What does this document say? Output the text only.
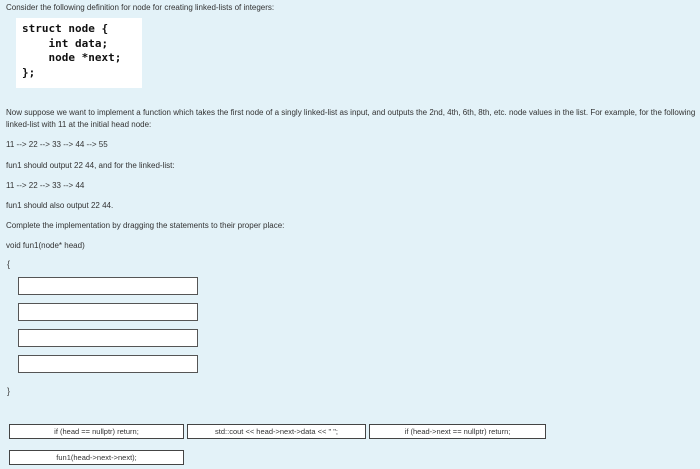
Consider the following definition for node for creating linked-lists of integers:
struct node {
int data;
node *next;
};
Now suppose we want to implement a function which takes the first node of a singly linked-list as input, and outputs the 2nd, 4th, 6th, 8th, etc. node values in the list. For example, for the following linked-list with 11 at the initial head node:
11 --> 22 --> 33 --> 44 --> 55
fun1 should output 22 44, and for the linked-list:
11 --> 22 --> 33 --> 44
fun1 should also output 22 44.
Complete the implementation by dragging the statements to their proper place:
void fun1(node* head)
{
}
if (head == nullptr) return;	std::cout << head->next->data << " ";	if (head->next == nullptr) return;
fun1(head->next->next);
